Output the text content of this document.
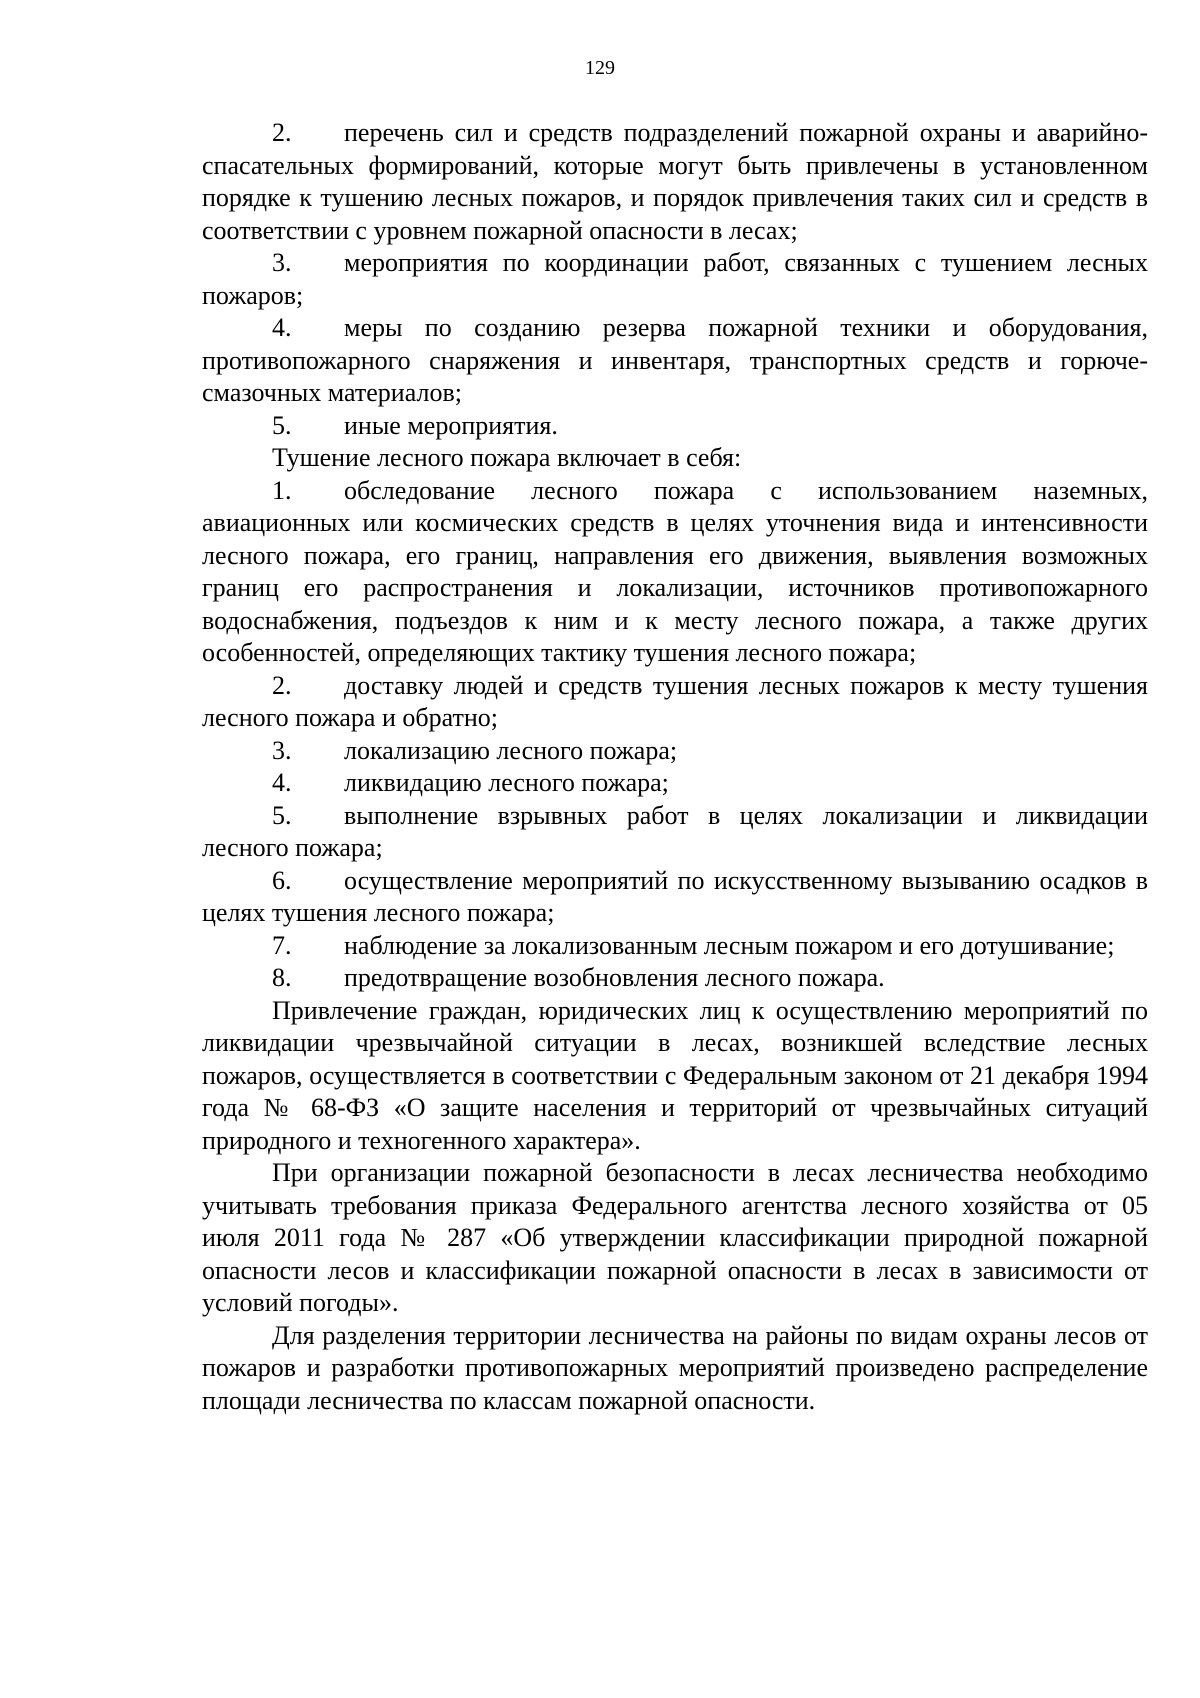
129

2. перечень сил и средств подразделений пожарной охраны и аварийно-спасательных формирований, которые могут быть привлечены в установленном порядке к тушению лесных пожаров, и порядок привлечения таких сил и средств в соответствии с уровнем пожарной опасности в лесах;

3. мероприятия по координации работ, связанных с тушением лесных пожаров;

4. меры по созданию резерва пожарной техники и оборудования, противопожарного снаряжения и инвентаря, транспортных средств и горюче-смазочных материалов;

5. иные мероприятия.

Тушение лесного пожара включает в себя:

1. обследование лесного пожара с использованием наземных, авиационных или космических средств в целях уточнения вида и интенсивности лесного пожара, его границ, направления его движения, выявления возможных границ его распространения и локализации, источников противопожарного водоснабжения, подъездов к ним и к месту лесного пожара, а также других особенностей, определяющих тактику тушения лесного пожара;

2. доставку людей и средств тушения лесных пожаров к месту тушения лесного пожара и обратно;

3. локализацию лесного пожара;

4. ликвидацию лесного пожара;

5. выполнение взрывных работ в целях локализации и ликвидации лесного пожара;

6. осуществление мероприятий по искусственному вызыванию осадков в целях тушения лесного пожара;

7. наблюдение за локализованным лесным пожаром и его дотушивание;

8. предотвращение возобновления лесного пожара.

Привлечение граждан, юридических лиц к осуществлению мероприятий по ликвидации чрезвычайной ситуации в лесах, возникшей вследствие лесных пожаров, осуществляется в соответствии с Федеральным законом от 21 декабря 1994 года № 68-ФЗ «О защите населения и территорий от чрезвычайных ситуаций природного и техногенного характера».

При организации пожарной безопасности в лесах лесничества необходимо учитывать требования приказа Федерального агентства лесного хозяйства от 05 июля 2011 года № 287 «Об утверждении классификации природной пожарной опасности лесов и классификации пожарной опасности в лесах в зависимости от условий погоды».

Для разделения территории лесничества на районы по видам охраны лесов от пожаров и разработки противопожарных мероприятий произведено распределение площади лесничества по классам пожарной опасности.
